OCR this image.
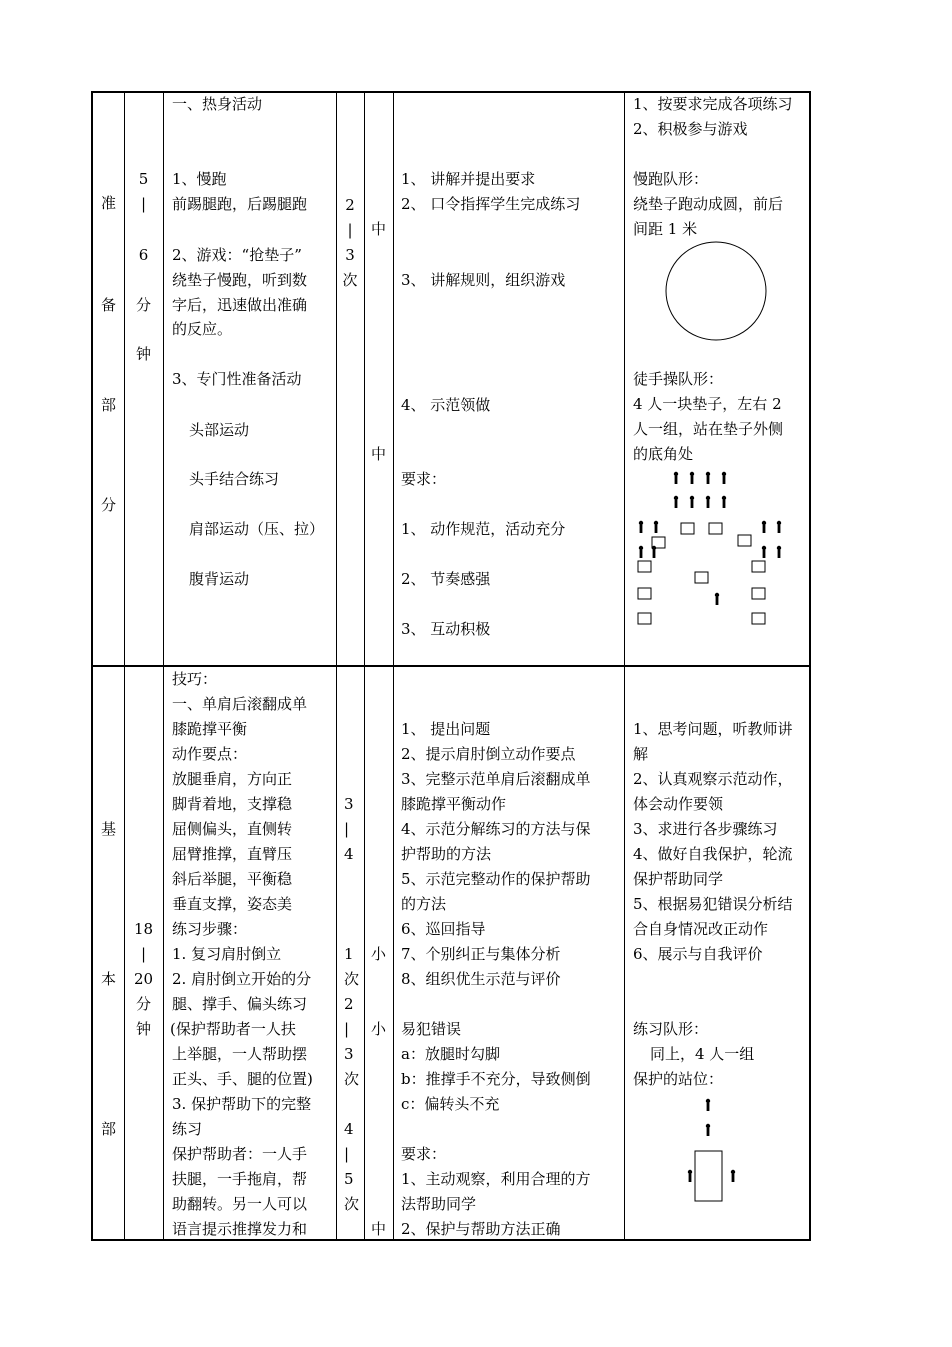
准
备
部
分
5
|
6
分
钟
一、热身活动
1、慢跑
前踢腿跑，后踢腿跑
2、游戏：“抢垫子”
绕垫子慢跑，听到数
字后，迅速做出准确
的反应。
3、专门性准备活动
头部运动
头手结合练习
肩部运动（压、拉）
腹背运动
2
|
3
次
中
中
1、 讲解并提出要求
2、 口令指挥学生完成练习
3、 讲解规则，组织游戏
4、 示范领做
要求：
1、 动作规范，活动充分
2、 节奏感强
3、 互动积极
1、按要求完成各项练习
2、积极参与游戏
慢跑队形：
绕垫子跑动成圆，前后
间距 1 米
徒手操队形：
4 人一块垫子，左右 2
人一组，站在垫子外侧
的底角处
基
本
部
18
|
20
分
钟
技巧：
一、单肩后滚翻成单
膝跪撑平衡
动作要点：
放腿垂肩，方向正
脚背着地，支撑稳
屈侧偏头，直侧转
屈臂推撑，直臂压
斜后举腿，平衡稳
垂直支撑，姿态美
练习步骤：
1. 复习肩肘倒立
2. 肩肘倒立开始的分
腿、撑手、偏头练习
(保护帮助者一人扶
上举腿，一人帮助摆
正头、手、腿的位置)
3. 保护帮助下的完整
练习
保护帮助者：一人手
扶腿，一手拖肩，帮
助翻转。另一人可以
语言提示推撑发力和
3
|
4
1
次
2
|
3
次
4
|
5
次
小
小
中
1、 提出问题
2、提示肩肘倒立动作要点
3、完整示范单肩后滚翻成单
膝跪撑平衡动作
4、示范分解练习的方法与保
护帮助的方法
5、示范完整动作的保护帮助
的方法
6、巡回指导
7、个别纠正与集体分析
8、组织优生示范与评价
易犯错误
a：放腿时勾脚
b：推撑手不充分，导致侧倒
c：偏转头不充
要求：
1、主动观察，利用合理的方
法帮助同学
2、保护与帮助方法正确
1、思考问题，听教师讲
解
2、认真观察示范动作，
体会动作要领
3、求进行各步骤练习
4、做好自我保护，轮流
保护帮助同学
5、根据易犯错误分析结
合自身情况改正动作
6、展示与自我评价
练习队形：
同上，4 人一组
保护的站位：
